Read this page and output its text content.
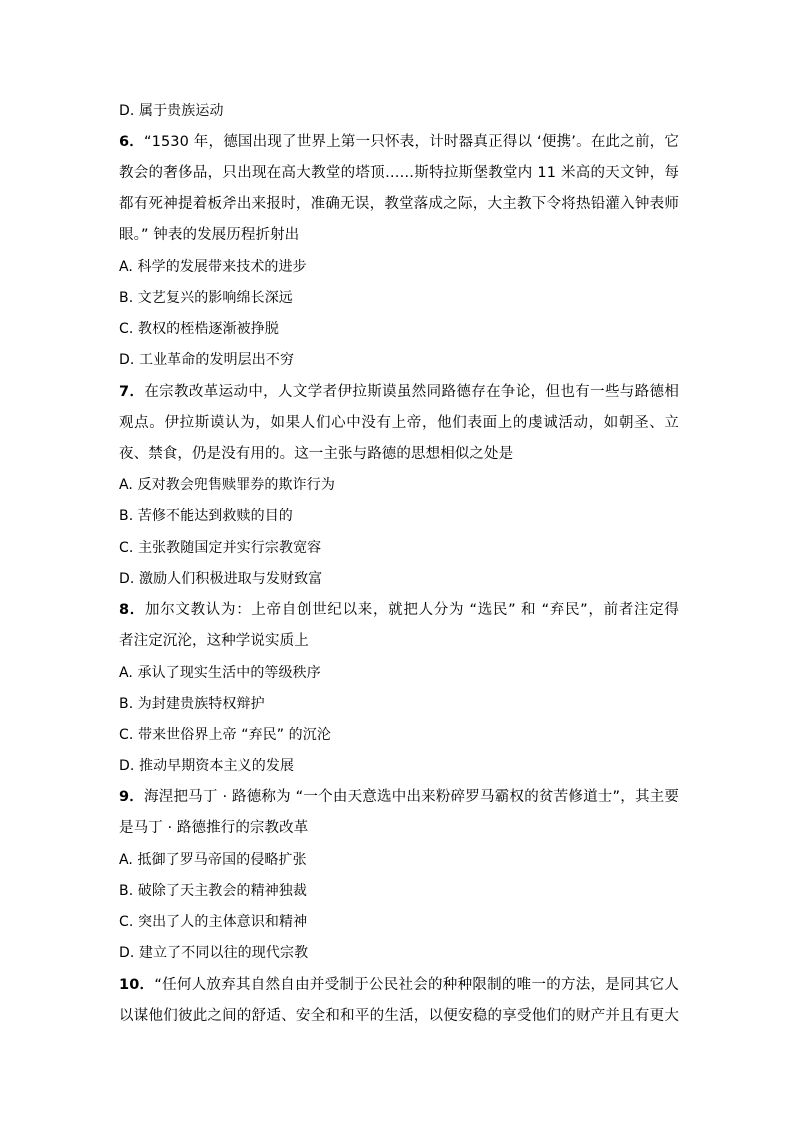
D. 属于贵族运动
6．“1530 年，德国出现了世界上第一只怀表，计时器真正得以 ‘便携’。在此之前，它
教会的奢侈品，只出现在高大教堂的塔顶……斯特拉斯堡教堂内 11 米高的天文钟，每
都有死神提着板斧出来报时，准确无误，教堂落成之际，大主教下令将热铅灌入钟表师
眼。” 钟表的发展历程折射出
A. 科学的发展带来技术的进步
B. 文艺复兴的影响绵长深远
C. 教权的桎梏逐渐被挣脱
D. 工业革命的发明层出不穷
7．在宗教改革运动中，人文学者伊拉斯谟虽然同路德存在争论，但也有一些与路德相
观点。伊拉斯谟认为，如果人们心中没有上帝，他们表面上的虔诚活动，如朝圣、立
夜、禁食，仍是没有用的。这一主张与路德的思想相似之处是
A. 反对教会兜售赎罪券的欺诈行为
B. 苦修不能达到救赎的目的
C. 主张教随国定并实行宗教宽容
D. 激励人们积极进取与发财致富
8．加尔文教认为：上帝自创世纪以来，就把人分为 “选民” 和 “弃民”，前者注定得
者注定沉沦，这种学说实质上
A. 承认了现实生活中的等级秩序
B. 为封建贵族特权辩护
C. 带来世俗界上帝 “弃民” 的沉沦
D. 推动早期资本主义的发展
9．海涅把马丁 · 路德称为 “一个由天意选中出来粉碎罗马霸权的贫苦修道士”，其主要
是马丁 · 路德推行的宗教改革
A. 抵御了罗马帝国的侵略扩张
B. 破除了天主教会的精神独裁
C. 突出了人的主体意识和精神
D. 建立了不同以往的现代宗教
10．“任何人放弃其自然自由并受制于公民社会的种种限制的唯一的方法，是同其它人
以谋他们彼此之间的舒适、安全和和平的生活，以便安稳的享受他们的财产并且有更大
